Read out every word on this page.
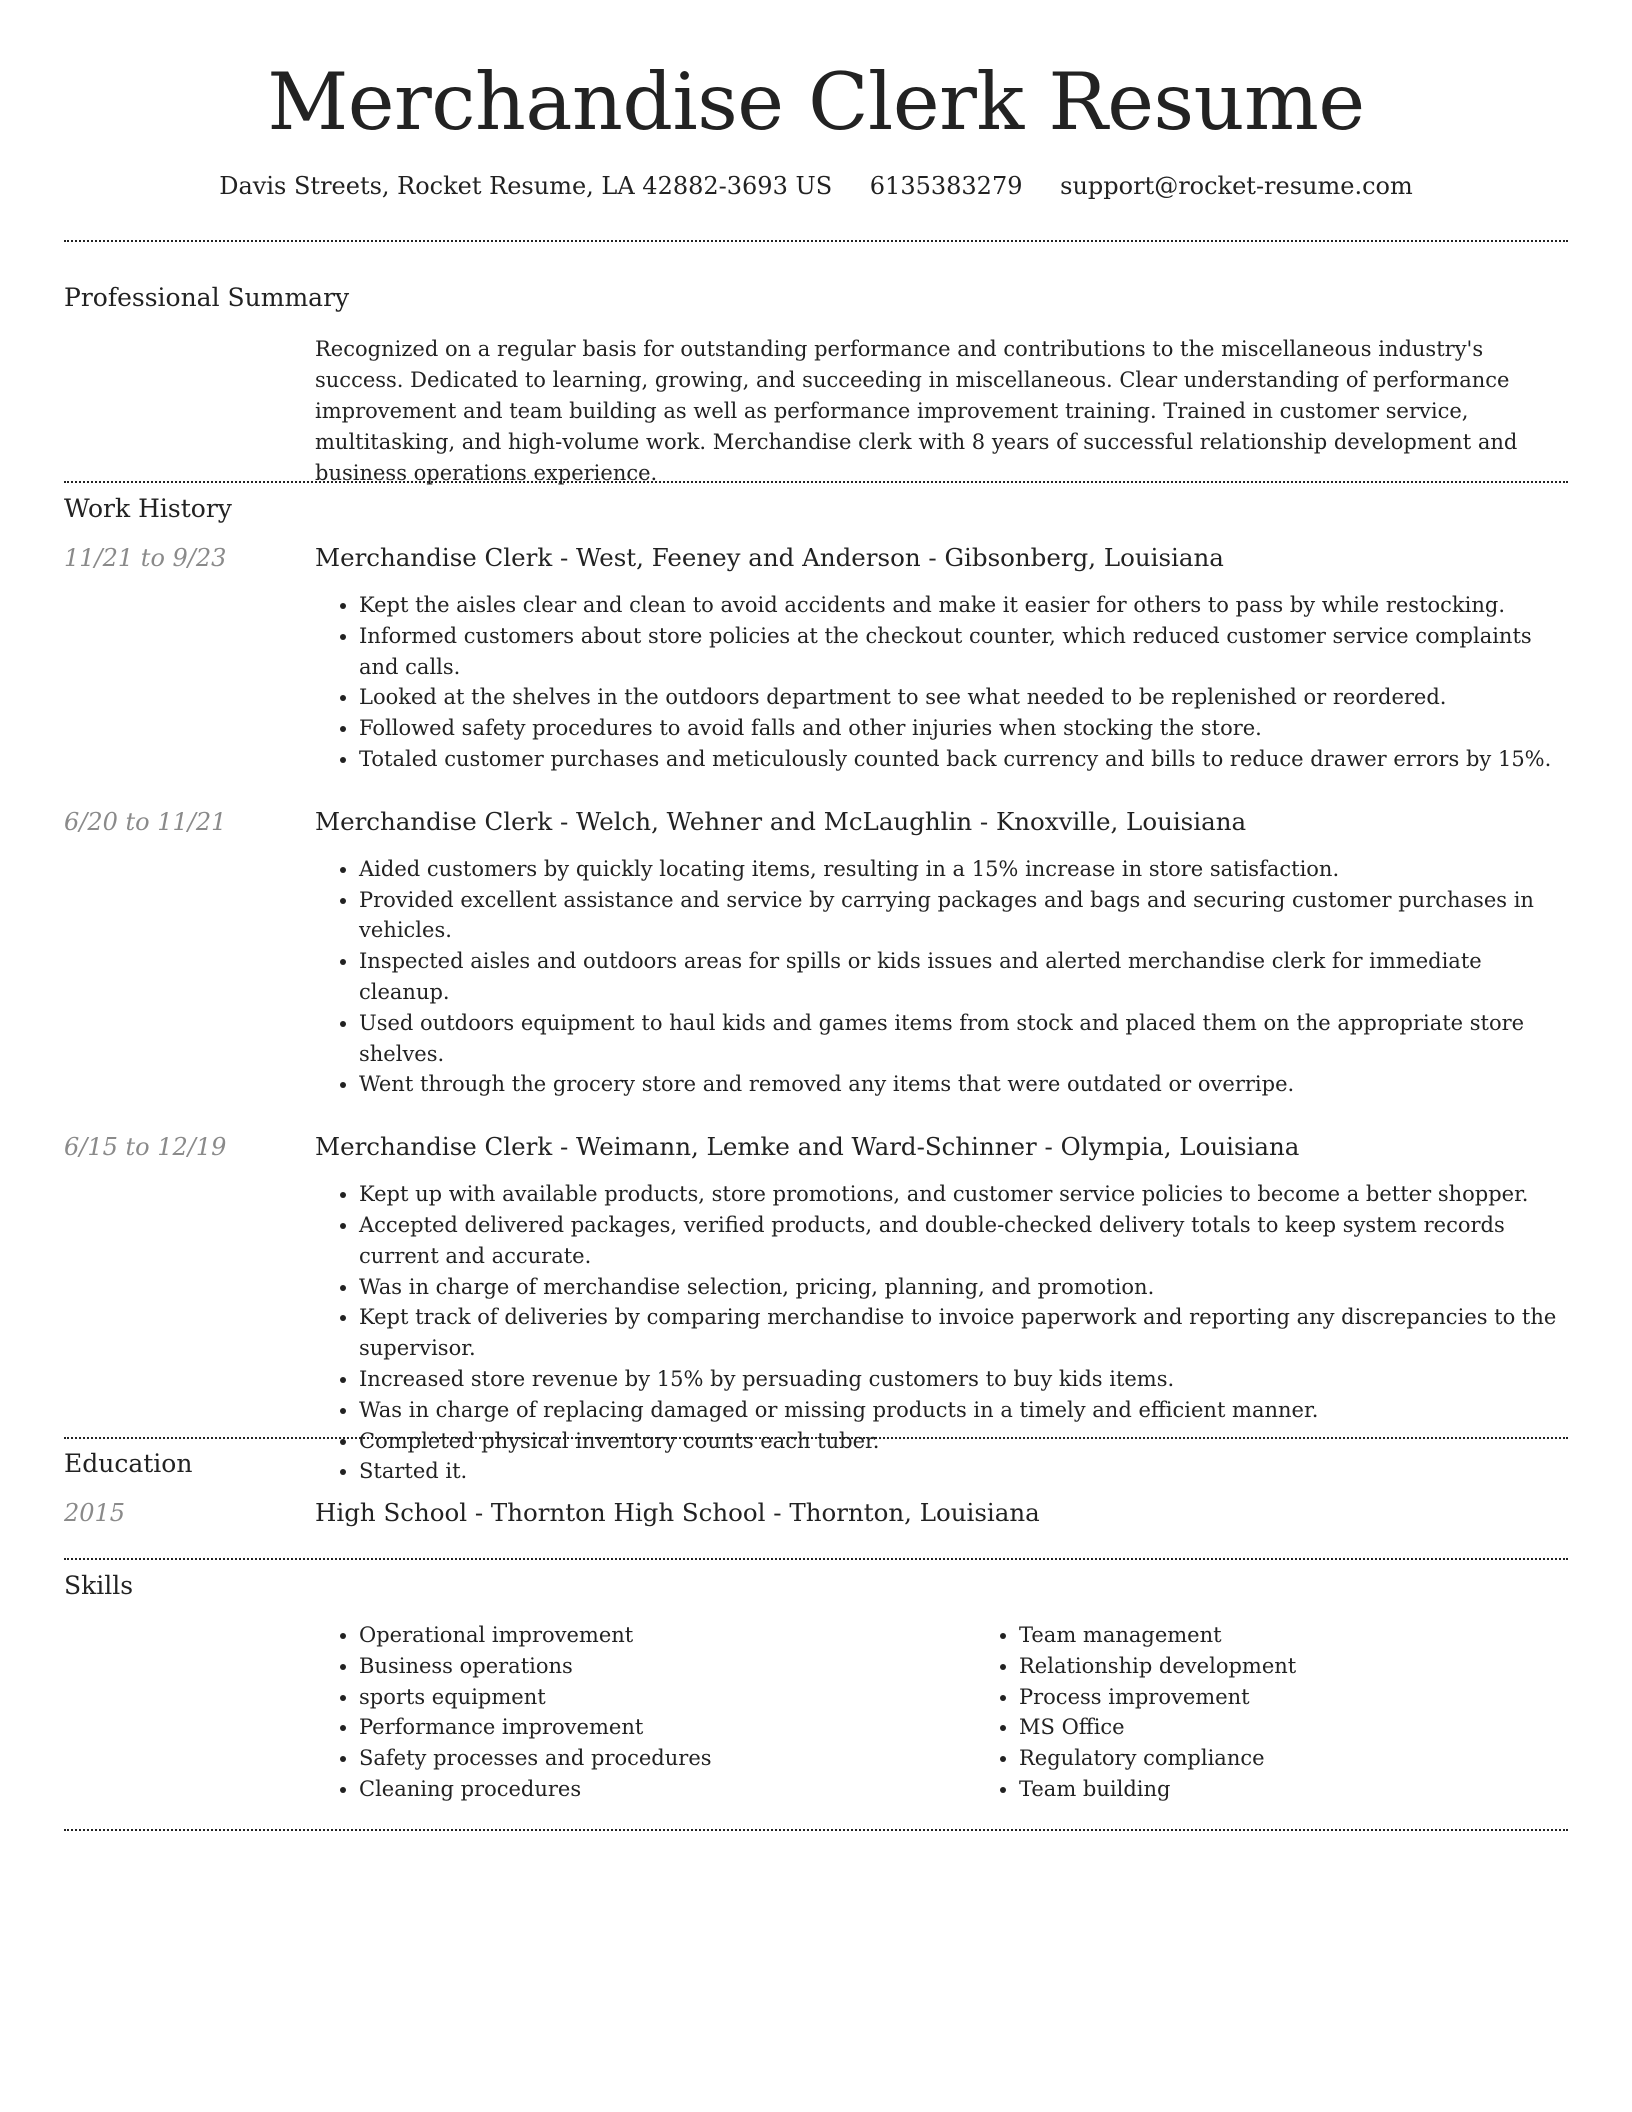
Merchandise Clerk Resume
Davis Streets, Rocket Resume, LA 42882-3693 US 6135383279 support@rocket-resume.com
Professional Summary

Recognized on a regular basis for outstanding performance and contributions to the miscellaneous industry's success. Dedicated to learning, growing, and succeeding in miscellaneous. Clear understanding of performance improvement and team building as well as performance improvement training. Trained in customer service, multitasking, and high-volume work. Merchandise clerk with 8 years of successful relationship development and business operations experience.

Work History
11/21 to 9/23	Merchandise Clerk - West, Feeney and Anderson - Gibsonberg, Louisiana
• Kept the aisles clear and clean to avoid accidents and make it easier for others to pass by while restocking.
• Informed customers about store policies at the checkout counter, which reduced customer service complaints and calls.
• Looked at the shelves in the outdoors department to see what needed to be replenished or reordered.
• Followed safety procedures to avoid falls and other injuries when stocking the store.
• Totaled customer purchases and meticulously counted back currency and bills to reduce drawer errors by 15%.
6/20 to 11/21	Merchandise Clerk - Welch, Wehner and McLaughlin - Knoxville, Louisiana
• Aided customers by quickly locating items, resulting in a 15% increase in store satisfaction.
• Provided excellent assistance and service by carrying packages and bags and securing customer purchases in vehicles.
• Inspected aisles and outdoors areas for spills or kids issues and alerted merchandise clerk for immediate cleanup.
• Used outdoors equipment to haul kids and games items from stock and placed them on the appropriate store shelves.
• Went through the grocery store and removed any items that were outdated or overripe.
6/15 to 12/19	Merchandise Clerk - Weimann, Lemke and Ward-Schinner - Olympia, Louisiana
• Kept up with available products, store promotions, and customer service policies to become a better shopper.
• Accepted delivered packages, verified products, and double-checked delivery totals to keep system records current and accurate.
• Was in charge of merchandise selection, pricing, planning, and promotion.
• Kept track of deliveries by comparing merchandise to invoice paperwork and reporting any discrepancies to the supervisor.
• Increased store revenue by 15% by persuading customers to buy kids items.
• Was in charge of replacing damaged or missing products in a timely and efficient manner.
• Completed physical inventory counts each tuber.
• Started it.
Education
2015	High School - Thornton High School - Thornton, Louisiana
Skills
• Operational improvement
• Business operations
• sports equipment
• Performance improvement
• Safety processes and procedures
• Cleaning procedures
• Team management
• Relationship development
• Process improvement
• MS Office
• Regulatory compliance
• Team building
